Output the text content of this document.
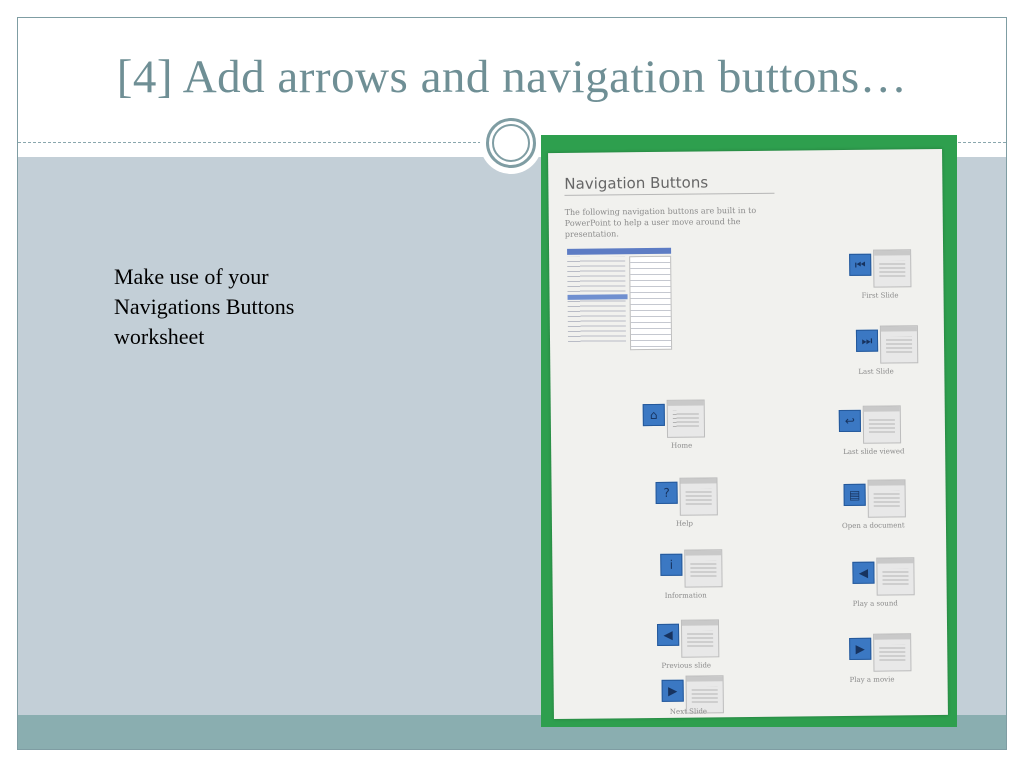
[4] Add arrows and navigation buttons…
Make use of your
Navigations Buttons
worksheet
Navigation Buttons
The following navigation buttons are built in to PowerPoint to help a user move around the presentation.
⌂
Home
?
Help
i
Information
◀
Previous slide
▶
Next Slide
⏮
First Slide
⏭
Last Slide
↩
Last slide viewed
▤
Open a document
◀
Play a sound
▶
Play a movie
